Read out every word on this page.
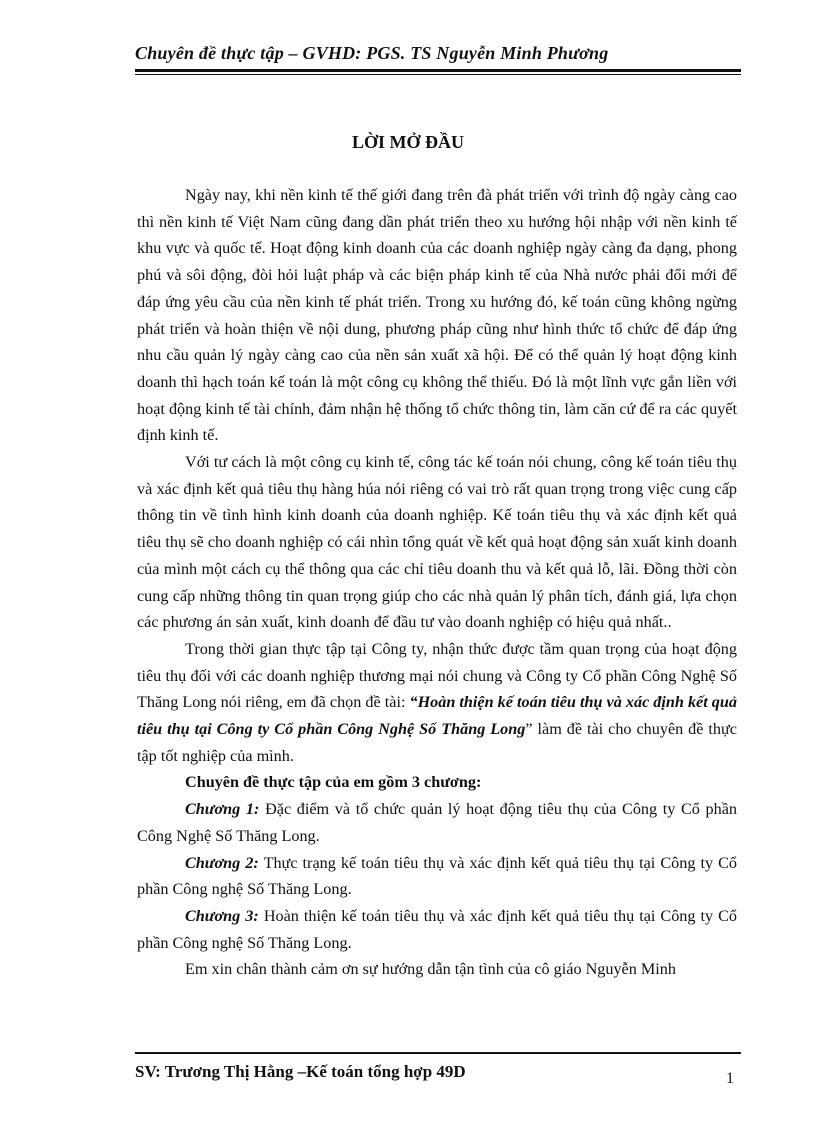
Chuyên đề thực tập – GVHD: PGS. TS Nguyễn Minh Phương
LỜI MỞ ĐẦU

Ngày nay, khi nền kinh tế thế giới đang trên đà phát triển với trình độ ngày càng cao thì nền kinh tế Việt Nam cũng đang dần phát triển theo xu hướng hội nhập với nền kinh tế khu vực và quốc tế. Hoạt động kinh doanh của các doanh nghiệp ngày càng đa dạng, phong phú và sôi động, đòi hỏi luật pháp và các biện pháp kinh tế của Nhà nước phải đổi mới để đáp ứng yêu cầu của nền kinh tế phát triển. Trong xu hướng đó, kế toán cũng không ngừng phát triển và hoàn thiện về nội dung, phương pháp cũng như hình thức tổ chức để đáp ứng nhu cầu quản lý ngày càng cao của nền sản xuất xã hội. Để có thể quản lý hoạt động kinh doanh thì hạch toán kế toán là một công cụ không thể thiếu. Đó là một lĩnh vực gắn liền với hoạt động kinh tế tài chính, đảm nhận hệ thống tổ chức thông tin, làm căn cứ để ra các quyết định kinh tế.

Với tư cách là một công cụ kinh tế, công tác kế toán nói chung, công kế toán tiêu thụ và xác định kết quả tiêu thụ hàng húa nói riêng có vai trò rất quan trọng trong việc cung cấp thông tin về tình hình kinh doanh của doanh nghiệp. Kế toán tiêu thụ và xác định kết quả tiêu thụ sẽ cho doanh nghiệp có cái nhìn tổng quát về kết quả hoạt động sản xuất kinh doanh của mình một cách cụ thể thông qua các chỉ tiêu doanh thu và kết quả lỗ, lãi. Đồng thời còn cung cấp những thông tin quan trọng giúp cho các nhà quản lý phân tích, đánh giá, lựa chọn các phương án sản xuất, kinh doanh để đầu tư vào doanh nghiệp có hiệu quả nhất..

Trong thời gian thực tập tại Công ty, nhận thức được tầm quan trọng của hoạt động tiêu thụ đối với các doanh nghiệp thương mại nói chung và Công ty Cổ phần Công Nghệ Số Thăng Long nói riêng, em đã chọn đề tài: “Hoàn thiện kế toán tiêu thụ và xác định kết quả tiêu thụ tại Công ty Cổ phần Công Nghệ Số Thăng Long” làm đề tài cho chuyên đề thực tập tốt nghiệp của mình.

Chuyên đề thực tập của em gồm 3 chương:

Chương 1: Đặc điểm và tổ chức quản lý hoạt động tiêu thụ của Công ty Cổ phần Công Nghệ Số Thăng Long.

Chương 2: Thực trạng kế toán tiêu thụ và xác định kết quả tiêu thụ tại Công ty Cổ phần Công nghệ Số Thăng Long.

Chương 3: Hoàn thiện kế toán tiêu thụ và xác định kết quả tiêu thụ tại Công ty Cổ phần Công nghệ Số Thăng Long.

Em xin chân thành cảm ơn sự hướng dẫn tận tình của cô giáo Nguyễn Minh

SV: Trương Thị Hằng –Kế toán tổng hợp 49D	1
